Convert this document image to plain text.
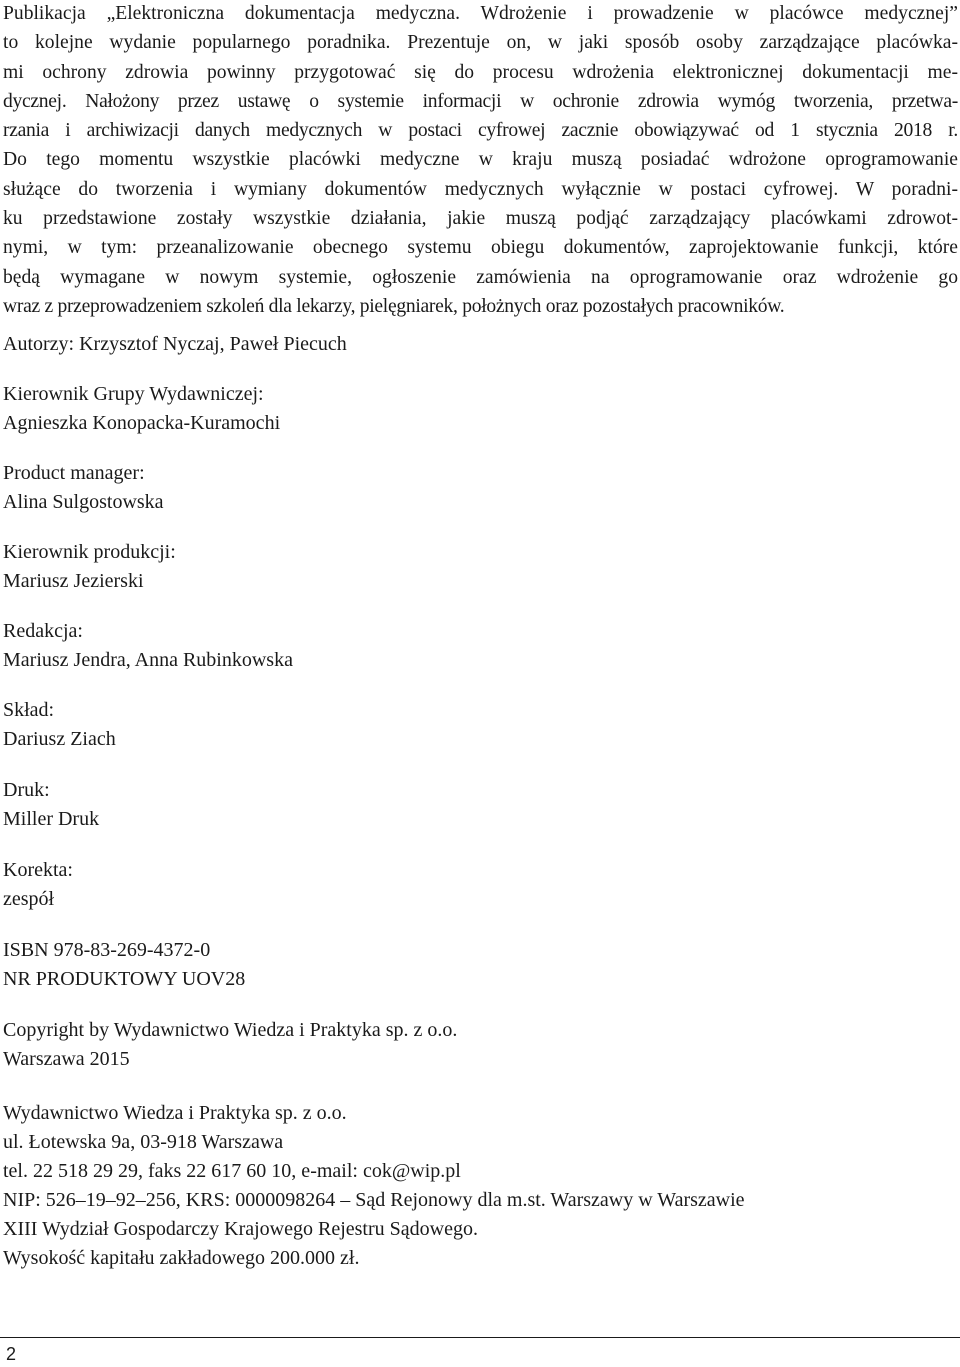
Publikacja „Elektroniczna dokumentacja medyczna. Wdrożenie i prowadzenie w placówce medycznej”
to kolejne wydanie popularnego poradnika. Prezentuje on, w jaki sposób osoby zarządzające placówka-
mi ochrony zdrowia powinny przygotować się do procesu wdrożenia elektronicznej dokumentacji me-
dycznej. Nałożony przez ustawę o systemie informacji w ochronie zdrowia wymóg tworzenia, przetwa-
rzania i archiwizacji danych medycznych w postaci cyfrowej zacznie obowiązywać od 1 stycznia 2018 r.
Do tego momentu wszystkie placówki medyczne w kraju muszą posiadać wdrożone oprogramowanie
służące do tworzenia i wymiany dokumentów medycznych wyłącznie w postaci cyfrowej. W poradni-
ku przedstawione zostały wszystkie działania, jakie muszą podjąć zarządzający placówkami zdrowot-
nymi, w tym: przeanalizowanie obecnego systemu obiegu dokumentów, zaprojektowanie funkcji, które
będą wymagane w nowym systemie, ogłoszenie zamówienia na oprogramowanie oraz wdrożenie go
wraz z przeprowadzeniem szkoleń dla lekarzy, pielęgniarek, położnych oraz pozostałych pracowników.
Autorzy: Krzysztof Nyczaj, Paweł Piecuch
Kierownik Grupy Wydawniczej:
Agnieszka Konopacka-Kuramochi
Product manager:
Alina Sulgostowska
Kierownik produkcji:
Mariusz Jezierski
Redakcja:
Mariusz Jendra, Anna Rubinkowska
Skład:
Dariusz Ziach
Druk:
Miller Druk
Korekta:
zespół
ISBN 978-83-269-4372-0
NR PRODUKTOWY UOV28
Copyright by Wydawnictwo Wiedza i Praktyka sp. z o.o.
Warszawa 2015
Wydawnictwo Wiedza i Praktyka sp. z o.o.
ul. Łotewska 9a, 03-918 Warszawa
tel. 22 518 29 29, faks 22 617 60 10, e-mail: cok@wip.pl
NIP: 526–19–92–256, KRS: 0000098264 – Sąd Rejonowy dla m.st. Warszawy w Warszawie
XIII Wydział Gospodarczy Krajowego Rejestru Sądowego.
Wysokość kapitału zakładowego 200.000 zł.
2
